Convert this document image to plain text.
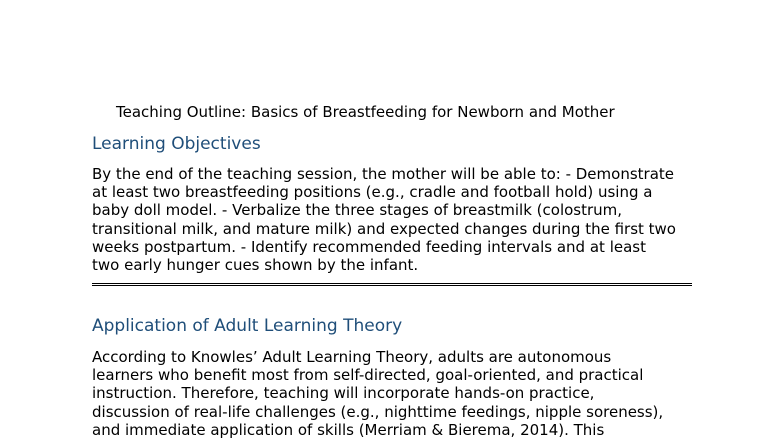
Teaching Outline: Basics of Breastfeeding for Newborn and Mother
Learning Objectives

By the end of the teaching session, the mother will be able to: - Demonstrate
at least two breastfeeding positions (e.g., cradle and football hold) using a
baby doll model. - Verbalize the three stages of breastmilk (colostrum,
transitional milk, and mature milk) and expected changes during the first two
weeks postpartum. - Identify recommended feeding intervals and at least
two early hunger cues shown by the infant.

Application of Adult Learning Theory

According to Knowles’ Adult Learning Theory, adults are autonomous
learners who benefit most from self-directed, goal-oriented, and practical
instruction. Therefore, teaching will incorporate hands-on practice,
discussion of real-life challenges (e.g., nighttime feedings, nipple soreness),
and immediate application of skills (Merriam & Bierema, 2014). This
